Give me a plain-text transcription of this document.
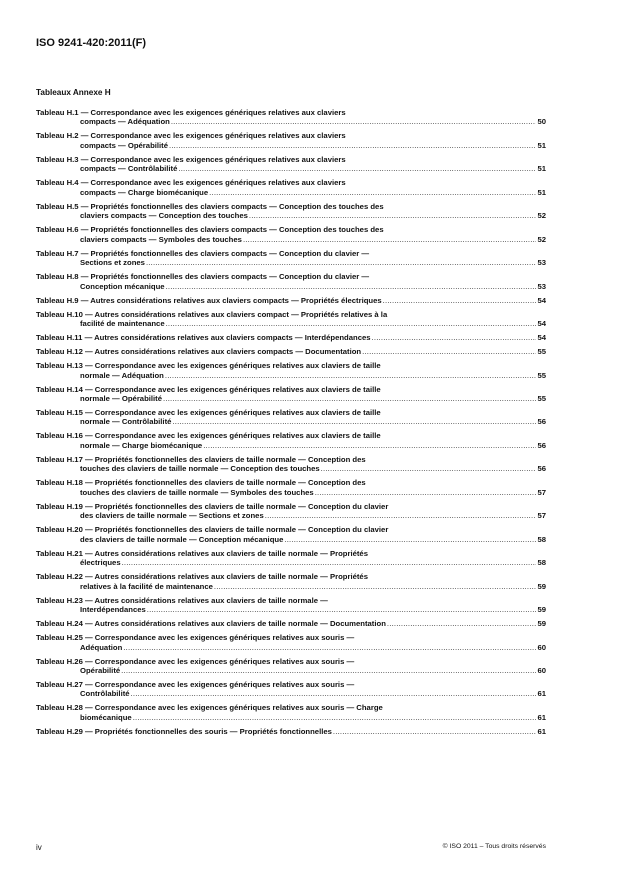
ISO 9241-420:2011(F)
Tableaux Annexe H
Tableau H.1 — Correspondance avec les exigences génériques relatives aux claviers
compacts — Adéquation .....	50
Tableau H.2 — Correspondance avec les exigences génériques relatives aux claviers
compacts — Opérabilité .....	51
Tableau H.3 — Correspondance avec les exigences génériques relatives aux claviers
compacts — Contrôlabilité .....	51
Tableau H.4 — Correspondance avec les exigences génériques relatives aux claviers
compacts — Charge biomécanique .....	51
Tableau H.5 — Propriétés fonctionnelles des claviers compacts — Conception des touches des
claviers compacts — Conception des touches .....	52
Tableau H.6 — Propriétés fonctionnelles des claviers compacts — Conception des touches des
claviers compacts — Symboles des touches .....	52
Tableau H.7 — Propriétés fonctionnelles des claviers compacts — Conception du clavier —
Sections et zones .....	53
Tableau H.8 — Propriétés fonctionnelles des claviers compacts — Conception du clavier —
Conception mécanique .....	53
Tableau H.9 — Autres considérations relatives aux claviers compacts — Propriétés électriques .....	54
Tableau H.10 — Autres considérations relatives aux claviers compact — Propriétés relatives à la
facilité de maintenance .....	54
Tableau H.11 — Autres considérations relatives aux claviers compacts — Interdépendances .....	54
Tableau H.12 — Autres considérations relatives aux claviers compacts — Documentation .....	55
Tableau H.13 — Correspondance avec les exigences génériques relatives aux claviers de taille
normale — Adéquation .....	55
Tableau H.14 — Correspondance avec les exigences génériques relatives aux claviers de taille
normale — Opérabilité .....	55
Tableau H.15 — Correspondance avec les exigences génériques relatives aux claviers de taille
normale — Contrôlabilité .....	56
Tableau H.16 — Correspondance avec les exigences génériques relatives aux claviers de taille
normale — Charge biomécanique .....	56
Tableau H.17 — Propriétés fonctionnelles des claviers de taille normale — Conception des
touches des claviers de taille normale — Conception des touches .....	56
Tableau H.18 — Propriétés fonctionnelles des claviers de taille normale — Conception des
touches des claviers de taille normale — Symboles des touches .....	57
Tableau H.19 — Propriétés fonctionnelles des claviers de taille normale — Conception du clavier
des claviers de taille normale — Sections et zones .....	57
Tableau H.20 — Propriétés fonctionnelles des claviers de taille normale — Conception du clavier
des claviers de taille normale — Conception mécanique .....	58
Tableau H.21 — Autres considérations relatives aux claviers de taille normale — Propriétés
électriques .....	58
Tableau H.22 — Autres considérations relatives aux claviers de taille normale — Propriétés
relatives à la facilité de maintenance .....	59
Tableau H.23 — Autres considérations relatives aux claviers de taille normale —
Interdépendances .....	59
Tableau H.24 — Autres considérations relatives aux claviers de taille normale — Documentation .....	59
Tableau H.25 — Correspondance avec les exigences génériques relatives aux souris —
Adéquation .....	60
Tableau H.26 — Correspondance avec les exigences génériques relatives aux souris —
Opérabilité .....	60
Tableau H.27 — Correspondance avec les exigences génériques relatives aux souris —
Contrôlabilité .....	61
Tableau H.28 — Correspondance avec les exigences génériques relatives aux souris — Charge
biomécanique .....	61
Tableau H.29 — Propriétés fonctionnelles des souris — Propriétés fonctionnelles .....	61
iv	© ISO 2011 – Tous droits réservés
